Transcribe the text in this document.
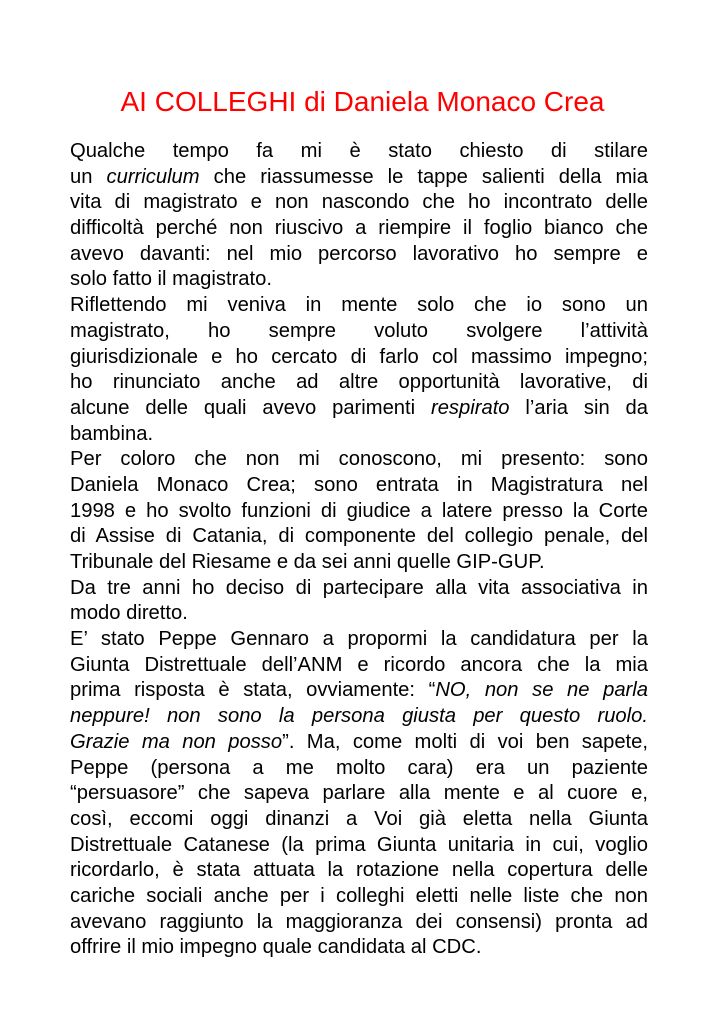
AI COLLEGHI di Daniela Monaco Crea
Qualche tempo fa mi è stato chiesto di stilare
un curriculum che riassumesse le tappe salienti della mia
vita di magistrato e non nascondo che ho incontrato delle
difficoltà perché non riuscivo a riempire il foglio bianco che
avevo davanti: nel mio percorso lavorativo ho sempre e
solo fatto il magistrato.
Riflettendo mi veniva in mente solo che io sono un
magistrato, ho sempre voluto svolgere l’attività
giurisdizionale e ho cercato di farlo col massimo impegno;
ho rinunciato anche ad altre opportunità lavorative, di
alcune delle quali avevo parimenti respirato l’aria sin da
bambina.
Per coloro che non mi conoscono, mi presento: sono
Daniela Monaco Crea; sono entrata in Magistratura nel
1998 e ho svolto funzioni di giudice a latere presso la Corte
di Assise di Catania, di componente del collegio penale, del
Tribunale del Riesame e da sei anni quelle GIP-GUP.
Da tre anni ho deciso di partecipare alla vita associativa in
modo diretto.
E’ stato Peppe Gennaro a propormi la candidatura per la
Giunta Distrettuale dell’ANM e ricordo ancora che la mia
prima risposta è stata, ovviamente: “NO, non se ne parla
neppure! non sono la persona giusta per questo ruolo.
Grazie ma non posso”. Ma, come molti di voi ben sapete,
Peppe (persona a me molto cara) era un paziente
“persuasore” che sapeva parlare alla mente e al cuore e,
così, eccomi oggi dinanzi a Voi già eletta nella Giunta
Distrettuale Catanese (la prima Giunta unitaria in cui, voglio
ricordarlo, è stata attuata la rotazione nella copertura delle
cariche sociali anche per i colleghi eletti nelle liste che non
avevano raggiunto la maggioranza dei consensi) pronta ad
offrire il mio impegno quale candidata al CDC.
